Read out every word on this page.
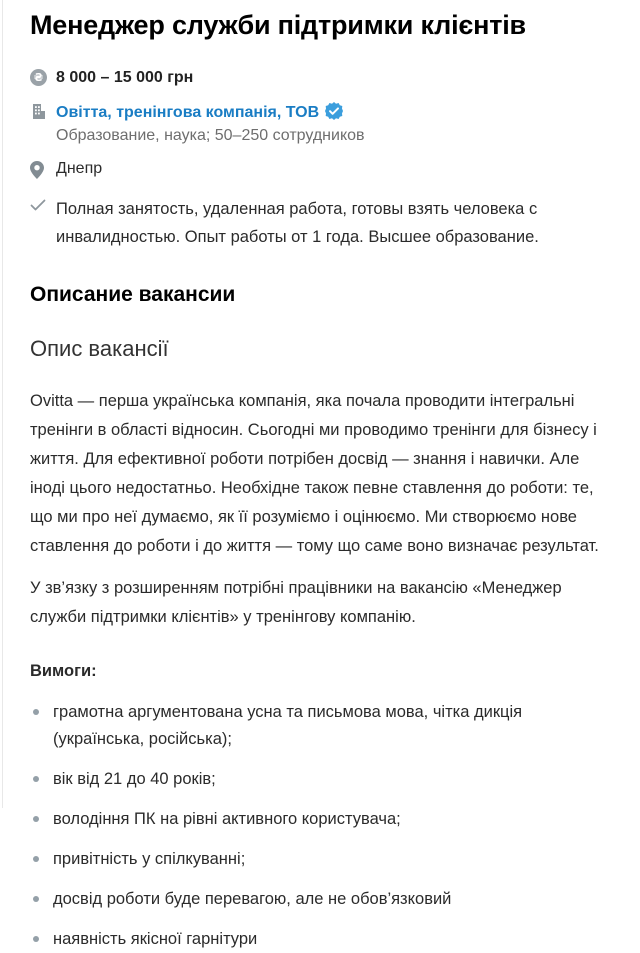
Менеджер служби підтримки клієнтів
₴ 8 000 – 15 000 грн
Овітта, тренінгова компанія, ТОВ
Образование, наука; 50–250 сотрудников
Днепр
Полная занятость, удаленная работа, готовы взять человека с инвалидностью. Опыт работы от 1 года. Высшее образование.
Описание вакансии
Опис вакансії

Ovitta — перша українська компанія, яка почала проводити інтегральні тренінги в області відносин. Сьогодні ми проводимо тренінги для бізнесу і життя. Для ефективної роботи потрібен досвід — знання і навички. Але іноді цього недостатньо. Необхідне також певне ставлення до роботи: те, що ми про неї думаємо, як її розуміємо і оцінюємо. Ми створюємо нове ставлення до роботи і до життя — тому що саме воно визначає результат.

У зв’язку з розширенням потрібні працівники на вакансію «Менеджер служби підтримки клієнтів» у тренінгову компанію.

Вимоги:

грамотна аргументована усна та письмова мова, чітка дикція (українська, російська);
вік від 21 до 40 років;
володіння ПК на рівні активного користувача;
привітність у спілкуванні;
досвід роботи буде перевагою, але не обов’язковий
наявність якісної гарнітури
